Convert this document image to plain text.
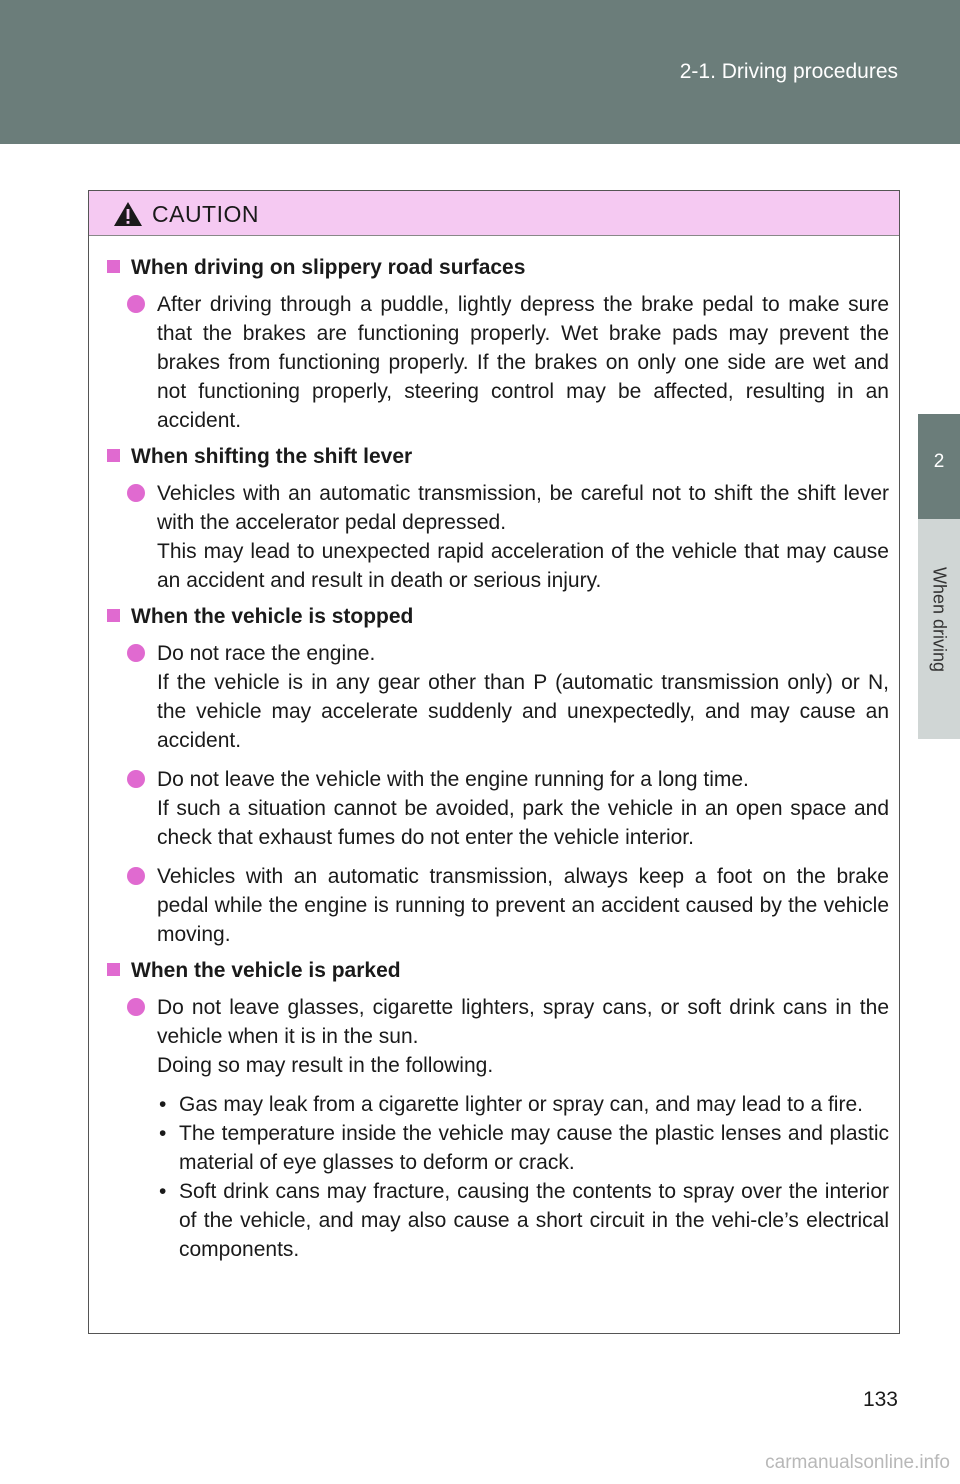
2-1. Driving procedures
2
When driving
CAUTION
When driving on slippery road surfaces
After driving through a puddle, lightly depress the brake pedal to make sure that the brakes are functioning properly. Wet brake pads may prevent the brakes from functioning properly. If the brakes on only one side are wet and not functioning properly, steering control may be affected, resulting in an accident.
When shifting the shift lever
Vehicles with an automatic transmission, be careful not to shift the shift lever with the accelerator pedal depressed.
This may lead to unexpected rapid acceleration of the vehicle that may cause an accident and result in death or serious injury.
When the vehicle is stopped
Do not race the engine.
If the vehicle is in any gear other than P (automatic transmission only) or N, the vehicle may accelerate suddenly and unexpectedly, and may cause an accident.
Do not leave the vehicle with the engine running for a long time.
If such a situation cannot be avoided, park the vehicle in an open space and check that exhaust fumes do not enter the vehicle interior.
Vehicles with an automatic transmission, always keep a foot on the brake pedal while the engine is running to prevent an accident caused by the vehicle moving.
When the vehicle is parked
Do not leave glasses, cigarette lighters, spray cans, or soft drink cans in the vehicle when it is in the sun.
Doing so may result in the following.
• Gas may leak from a cigarette lighter or spray can, and may lead to a fire.
• The temperature inside the vehicle may cause the plastic lenses and plastic material of eye glasses to deform or crack.
• Soft drink cans may fracture, causing the contents to spray over the interior of the vehicle, and may also cause a short circuit in the vehi-cle’s electrical components.
133
carmanualsonline.info
